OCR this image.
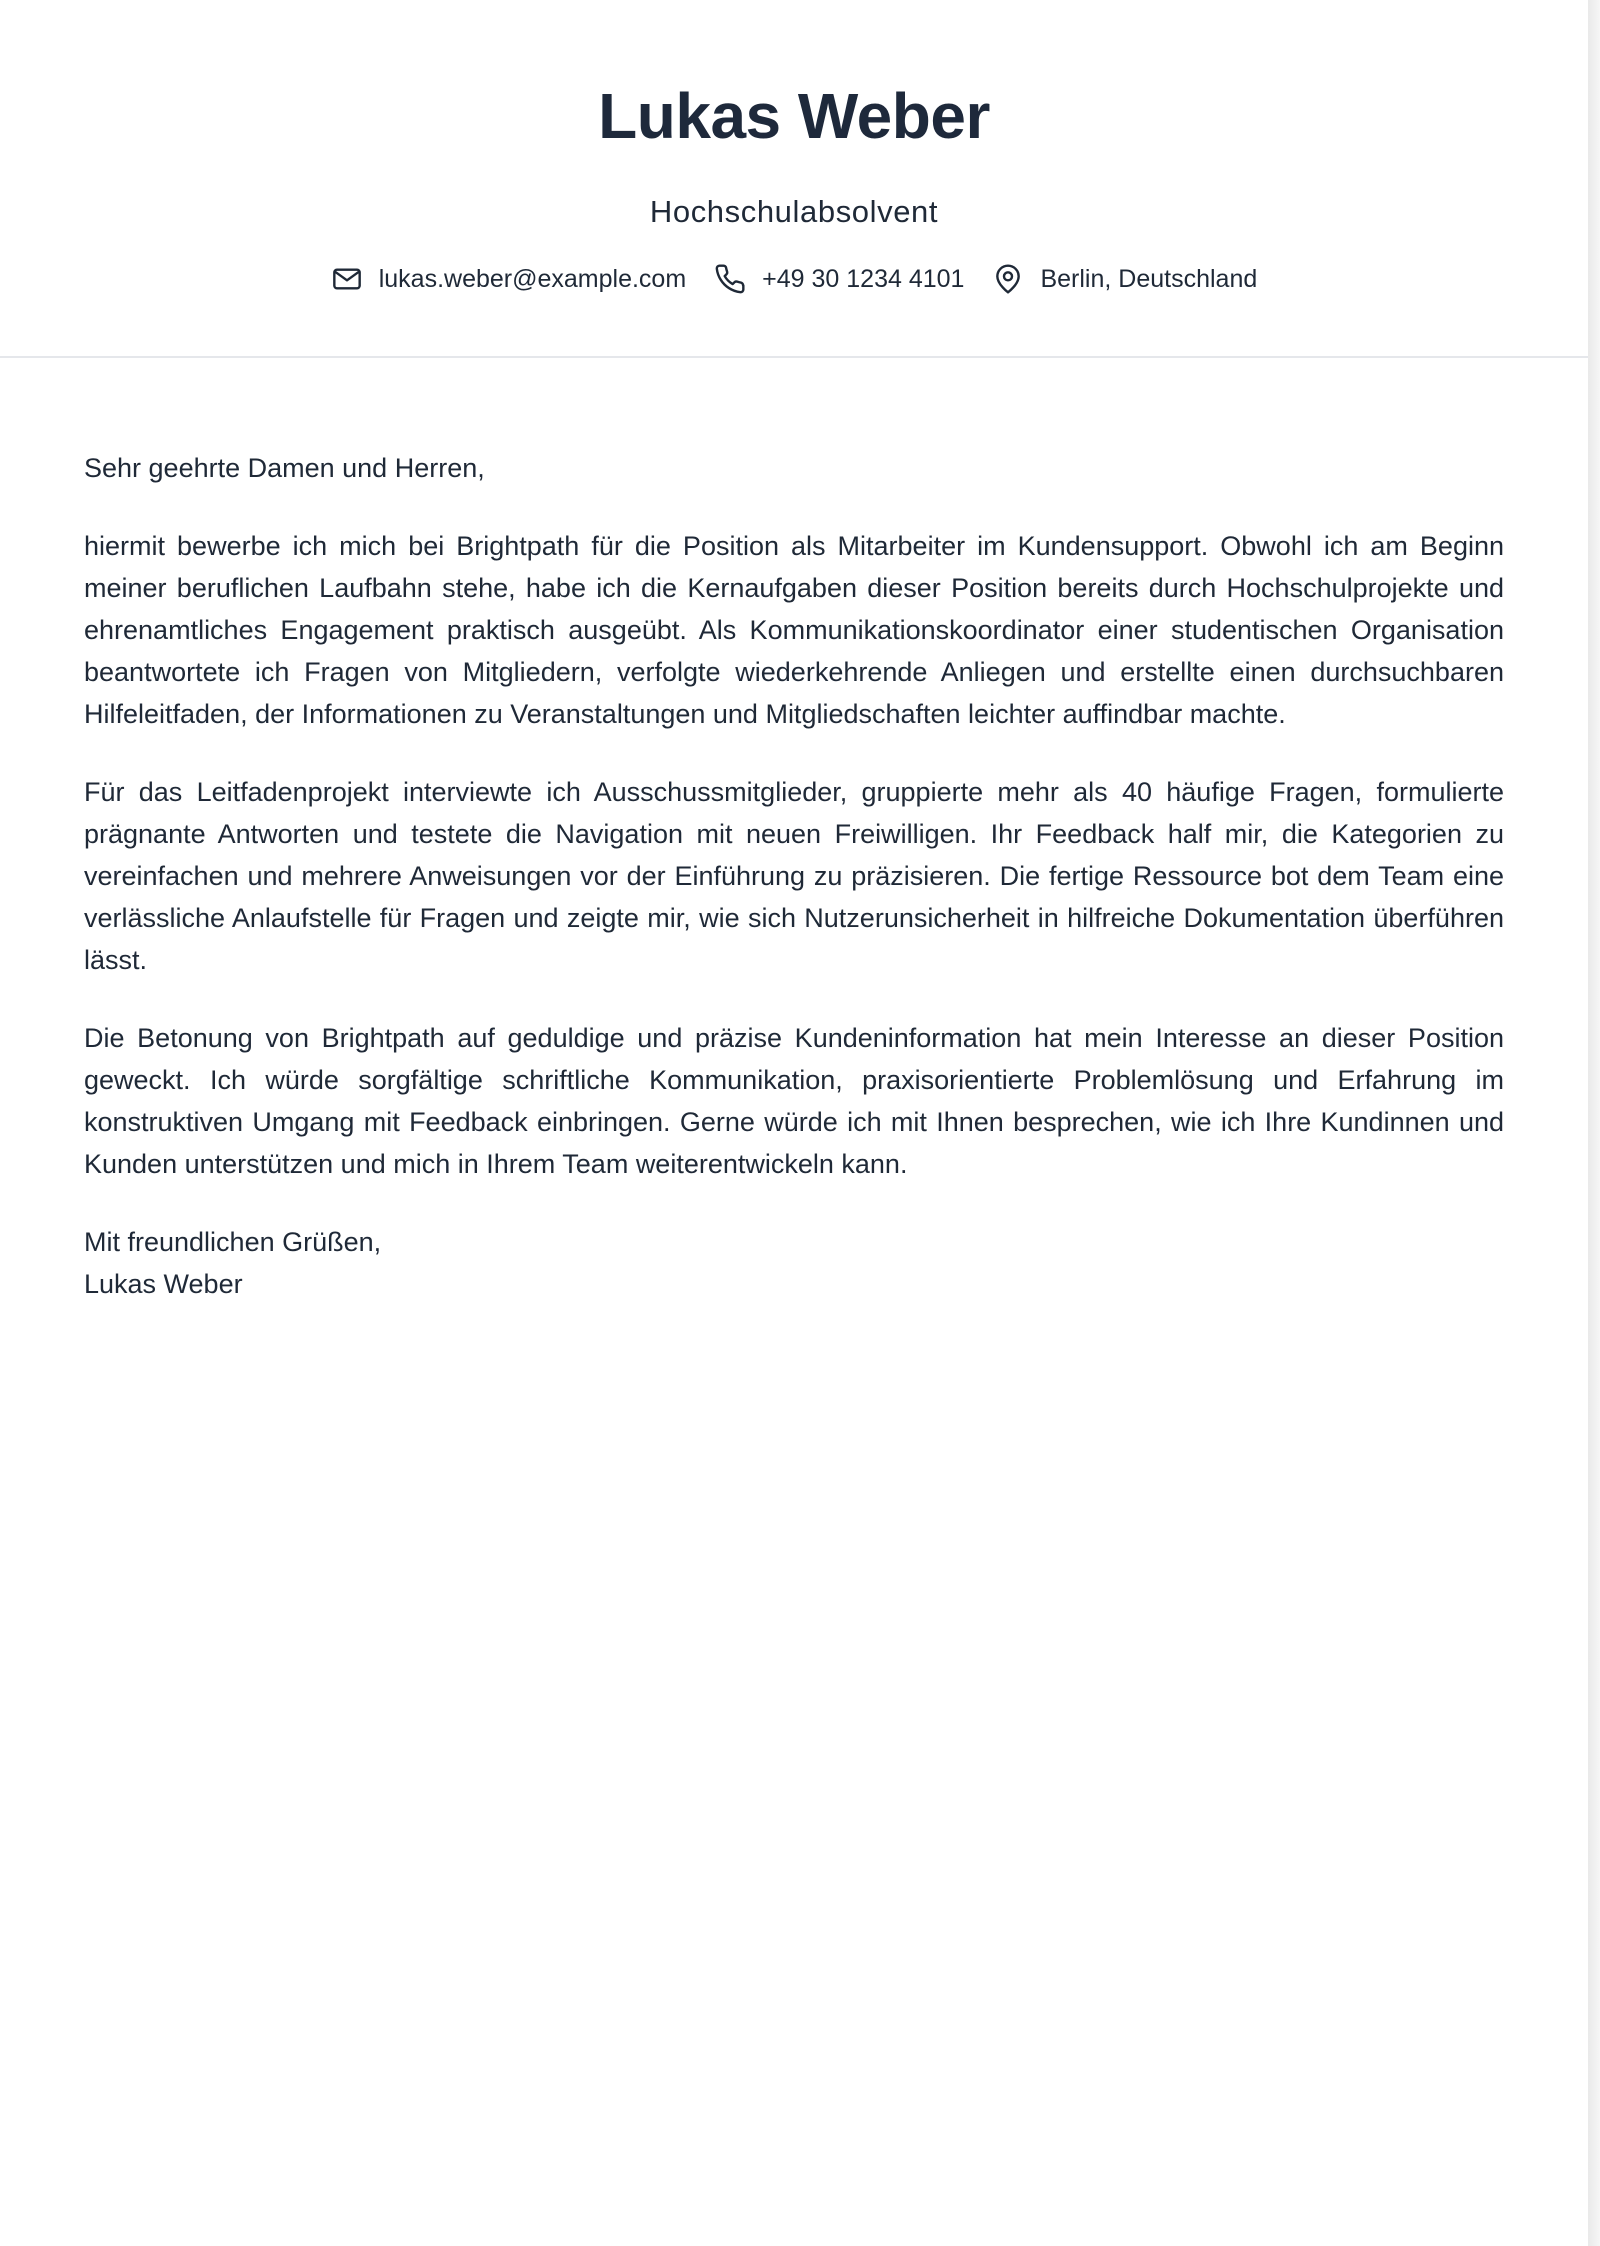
Lukas Weber
Hochschulabsolvent
lukas.weber@example.com	+49 30 1234 4101	Berlin, Deutschland

Sehr geehrte Damen und Herren,

hiermit bewerbe ich mich bei Brightpath für die Position als Mitarbeiter im Kundensupport. Obwohl ich am Beginn meiner beruflichen Laufbahn stehe, habe ich die Kernaufgaben dieser Position bereits durch Hochschulprojekte und ehrenamtliches Engagement praktisch ausgeübt. Als Kommunikationskoordinator einer studentischen Organisation beantwortete ich Fragen von Mitgliedern, verfolgte wiederkehrende Anliegen und erstellte einen durchsuchbaren Hilfeleitfaden, der Informationen zu Veranstaltungen und Mitgliedschaften leichter auffindbar machte.

Für das Leitfadenprojekt interviewte ich Ausschussmitglieder, gruppierte mehr als 40 häufige Fragen, formulierte prägnante Antworten und testete die Navigation mit neuen Freiwilligen. Ihr Feedback half mir, die Kategorien zu vereinfachen und mehrere Anweisungen vor der Einführung zu präzisieren. Die fertige Ressource bot dem Team eine verlässliche Anlaufstelle für Fragen und zeigte mir, wie sich Nutzerunsicherheit in hilfreiche Dokumentation überführen lässt.

Die Betonung von Brightpath auf geduldige und präzise Kundeninformation hat mein Interesse an dieser Position geweckt. Ich würde sorgfältige schriftliche Kommunikation, praxisorientierte Problemlösung und Erfahrung im konstruktiven Umgang mit Feedback einbringen. Gerne würde ich mit Ihnen besprechen, wie ich Ihre Kundinnen und Kunden unterstützen und mich in Ihrem Team weiterentwickeln kann.

Mit freundlichen Grüßen,
Lukas Weber
